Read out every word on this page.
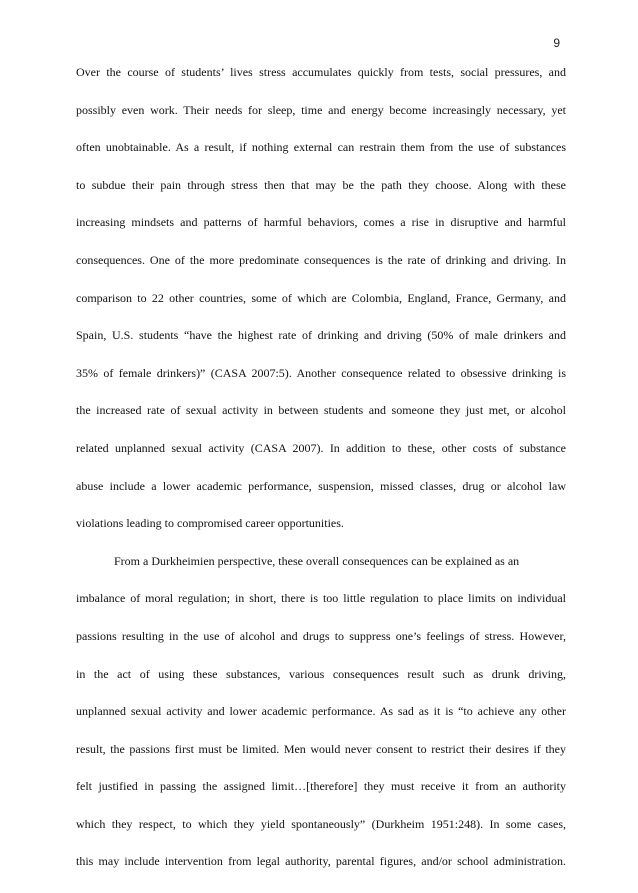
9
Over the course of students’ lives stress accumulates quickly from tests, social pressures, and
possibly even work. Their needs for sleep, time and energy become increasingly necessary, yet
often unobtainable. As a result, if nothing external can restrain them from the use of substances
to subdue their pain through stress then that may be the path they choose. Along with these
increasing mindsets and patterns of harmful behaviors, comes a rise in disruptive and harmful
consequences. One of the more predominate consequences is the rate of drinking and driving. In
comparison to 22 other countries, some of which are Colombia, England, France, Germany, and
Spain, U.S. students “have the highest rate of drinking and driving (50% of male drinkers and
35% of female drinkers)” (CASA 2007:5). Another consequence related to obsessive drinking is
the increased rate of sexual activity in between students and someone they just met, or alcohol
related unplanned sexual activity (CASA 2007). In addition to these, other costs of substance
abuse include a lower academic performance, suspension, missed classes, drug or alcohol law
violations leading to compromised career opportunities.
From a Durkheimien perspective, these overall consequences can be explained as an
imbalance of moral regulation; in short, there is too little regulation to place limits on individual
passions resulting in the use of alcohol and drugs to suppress one’s feelings of stress. However,
in the act of using these substances, various consequences result such as drunk driving,
unplanned sexual activity and lower academic performance. As sad as it is “to achieve any other
result, the passions first must be limited. Men would never consent to restrict their desires if they
felt justified in passing the assigned limit…[therefore] they must receive it from an authority
which they respect, to which they yield spontaneously” (Durkheim 1951:248). In some cases,
this may include intervention from legal authority, parental figures, and/or school administration.
